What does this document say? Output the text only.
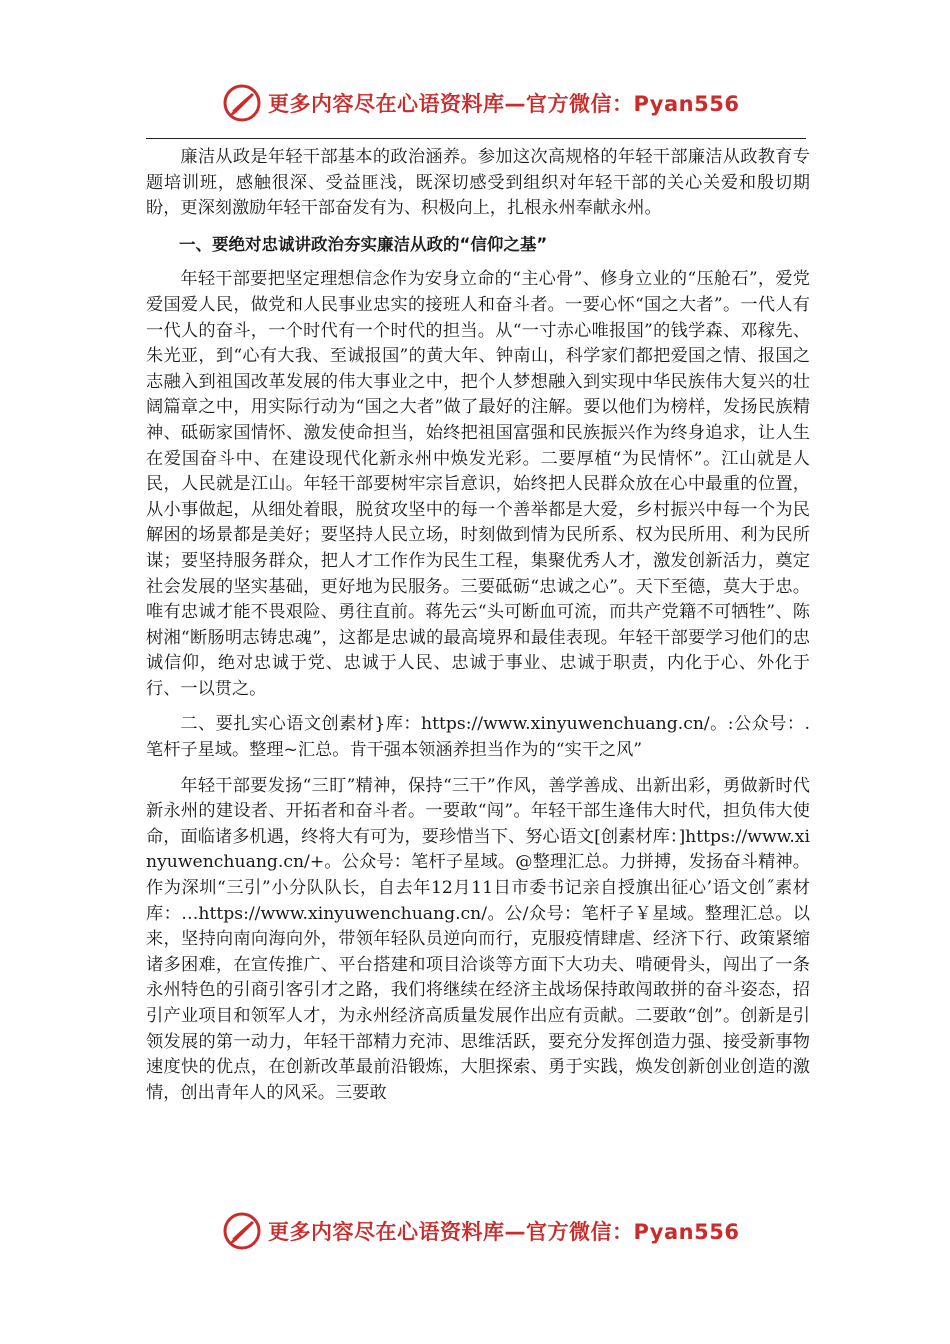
更多内容尽在心语资料库—官方微信：Pyan556

廉洁从政是年轻干部基本的政治涵养。参加这次高规格的年轻干部廉洁从政教育专题培训班，感触很深、受益匪浅，既深切感受到组织对年轻干部的关心关爱和殷切期盼，更深刻激励年轻干部奋发有为、积极向上，扎根永州奉献永州。

一、要绝对忠诚讲政治夯实廉洁从政的“信仰之基”

年轻干部要把坚定理想信念作为安身立命的“主心骨”、修身立业的“压舱石”，爱党爱国爱人民，做党和人民事业忠实的接班人和奋斗者。一要心怀“国之大者”。一代人有一代人的奋斗，一个时代有一个时代的担当。从“一寸赤心唯报国”的钱学森、邓稼先、朱光亚，到“心有大我、至诚报国”的黄大年、钟南山，科学家们都把爱国之情、报国之志融入到祖国改革发展的伟大事业之中，把个人梦想融入到实现中华民族伟大复兴的壮阔篇章之中，用实际行动为“国之大者”做了最好的注解。要以他们为榜样，发扬民族精神、砥砺家国情怀、激发使命担当，始终把祖国富强和民族振兴作为终身追求，让人生在爱国奋斗中、在建设现代化新永州中焕发光彩。二要厚植“为民情怀”。江山就是人民，人民就是江山。年轻干部要树牢宗旨意识，始终把人民群众放在心中最重的位置，从小事做起，从细处着眼，脱贫攻坚中的每一个善举都是大爱，乡村振兴中每一个为民解困的场景都是美好；要坚持人民立场，时刻做到情为民所系、权为民所用、利为民所谋；要坚持服务群众，把人才工作作为民生工程，集聚优秀人才，激发创新活力，奠定社会发展的坚实基础，更好地为民服务。三要砥砺“忠诚之心”。天下至德，莫大于忠。唯有忠诚才能不畏艰险、勇往直前。蒋先云“头可断血可流，而共产党籍不可牺牲”、陈树湘“断肠明志铸忠魂”，这都是忠诚的最高境界和最佳表现。年轻干部要学习他们的忠诚信仰，绝对忠诚于党、忠诚于人民、忠诚于事业、忠诚于职责，内化于心、外化于行、一以贯之。

二、要扎实心语文创素材}库：https://www.xinyuwenchuang.cn/。:公众号：.笔杆子星域。整理~汇总。肯干强本领涵养担当作为的“实干之风”

年轻干部要发扬“三盯”精神，保持“三干”作风，善学善成、出新出彩，勇做新时代新永州的建设者、开拓者和奋斗者。一要敢“闯”。年轻干部生逢伟大时代，担负伟大使命，面临诸多机遇，终将大有可为，要珍惜当下、努心语文[创素材库：]https://www.xinyuwenchuang.cn/+。公众号：笔杆子星域。@整理汇总。力拼搏，发扬奋斗精神。作为深圳“三引”小分队队长，自去年12月11日市委书记亲自授旗出征心’语文创˝素材库：…https://www.xinyuwenchuang.cn/。公/众号：笔杆子￥星域。整理汇总。以来，坚持向南向海向外，带领年轻队员逆向而行，克服疫情肆虐、经济下行、政策紧缩诸多困难，在宣传推广、平台搭建和项目洽谈等方面下大功夫、啃硬骨头，闯出了一条永州特色的引商引客引才之路，我们将继续在经济主战场保持敢闯敢拼的奋斗姿态，招引产业项目和领军人才，为永州经济高质量发展作出应有贡献。二要敢“创”。创新是引领发展的第一动力，年轻干部精力充沛、思维活跃，要充分发挥创造力强、接受新事物速度快的优点，在创新改革最前沿锻炼，大胆探索、勇于实践，焕发创新创业创造的激情，创出青年人的风采。三要敢

更多内容尽在心语资料库—官方微信：Pyan556
